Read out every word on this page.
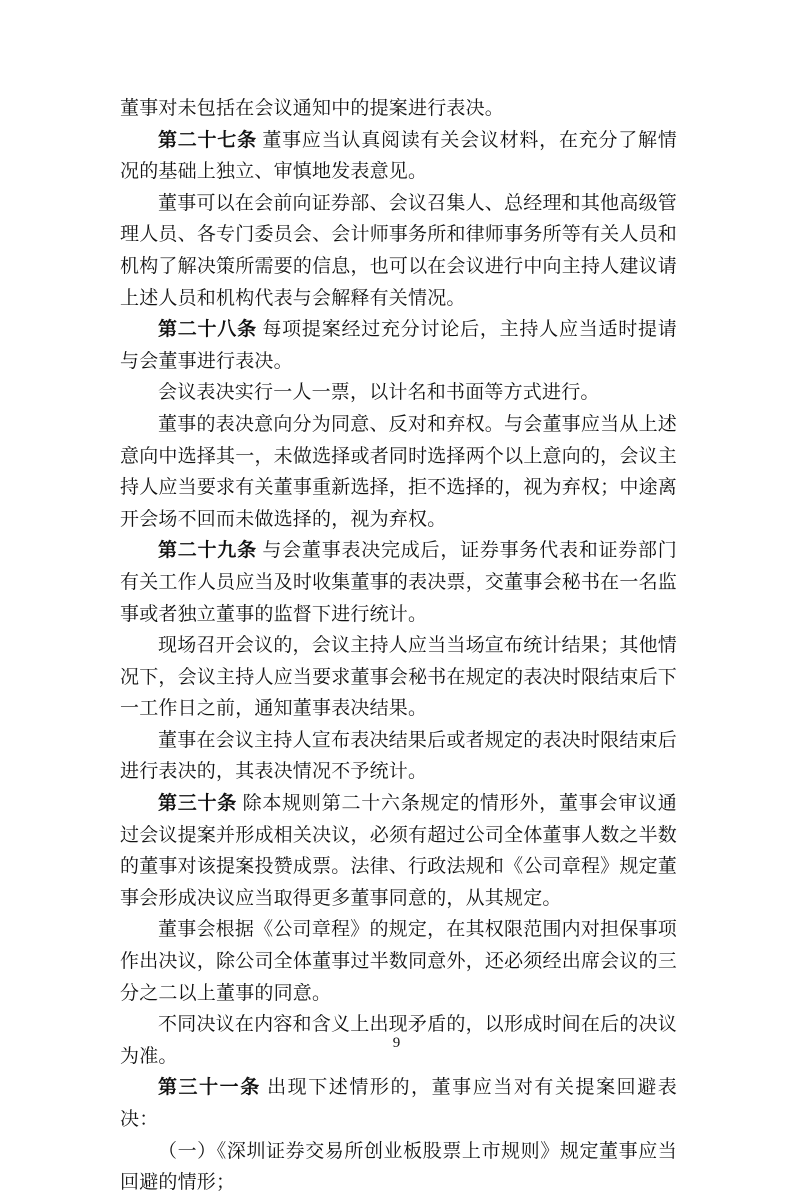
董事对未包括在会议通知中的提案进行表决。

第二十七条 董事应当认真阅读有关会议材料，在充分了解情况的基础上独立、审慎地发表意见。

董事可以在会前向证券部、会议召集人、总经理和其他高级管理人员、各专门委员会、会计师事务所和律师事务所等有关人员和机构了解决策所需要的信息，也可以在会议进行中向主持人建议请上述人员和机构代表与会解释有关情况。

第二十八条 每项提案经过充分讨论后，主持人应当适时提请与会董事进行表决。

会议表决实行一人一票，以计名和书面等方式进行。

董事的表决意向分为同意、反对和弃权。与会董事应当从上述意向中选择其一，未做选择或者同时选择两个以上意向的，会议主持人应当要求有关董事重新选择，拒不选择的，视为弃权；中途离开会场不回而未做选择的，视为弃权。

第二十九条 与会董事表决完成后，证券事务代表和证券部门有关工作人员应当及时收集董事的表决票，交董事会秘书在一名监事或者独立董事的监督下进行统计。

现场召开会议的，会议主持人应当当场宣布统计结果；其他情况下，会议主持人应当要求董事会秘书在规定的表决时限结束后下一工作日之前，通知董事表决结果。

董事在会议主持人宣布表决结果后或者规定的表决时限结束后进行表决的，其表决情况不予统计。

第三十条 除本规则第二十六条规定的情形外，董事会审议通过会议提案并形成相关决议，必须有超过公司全体董事人数之半数的董事对该提案投赞成票。法律、行政法规和《公司章程》规定董事会形成决议应当取得更多董事同意的，从其规定。

董事会根据《公司章程》的规定，在其权限范围内对担保事项作出决议，除公司全体董事过半数同意外，还必须经出席会议的三分之二以上董事的同意。

不同决议在内容和含义上出现矛盾的，以形成时间在后的决议为准。

第三十一条 出现下述情形的，董事应当对有关提案回避表决：

（一）《深圳证券交易所创业板股票上市规则》规定董事应当回避的情形；

9
